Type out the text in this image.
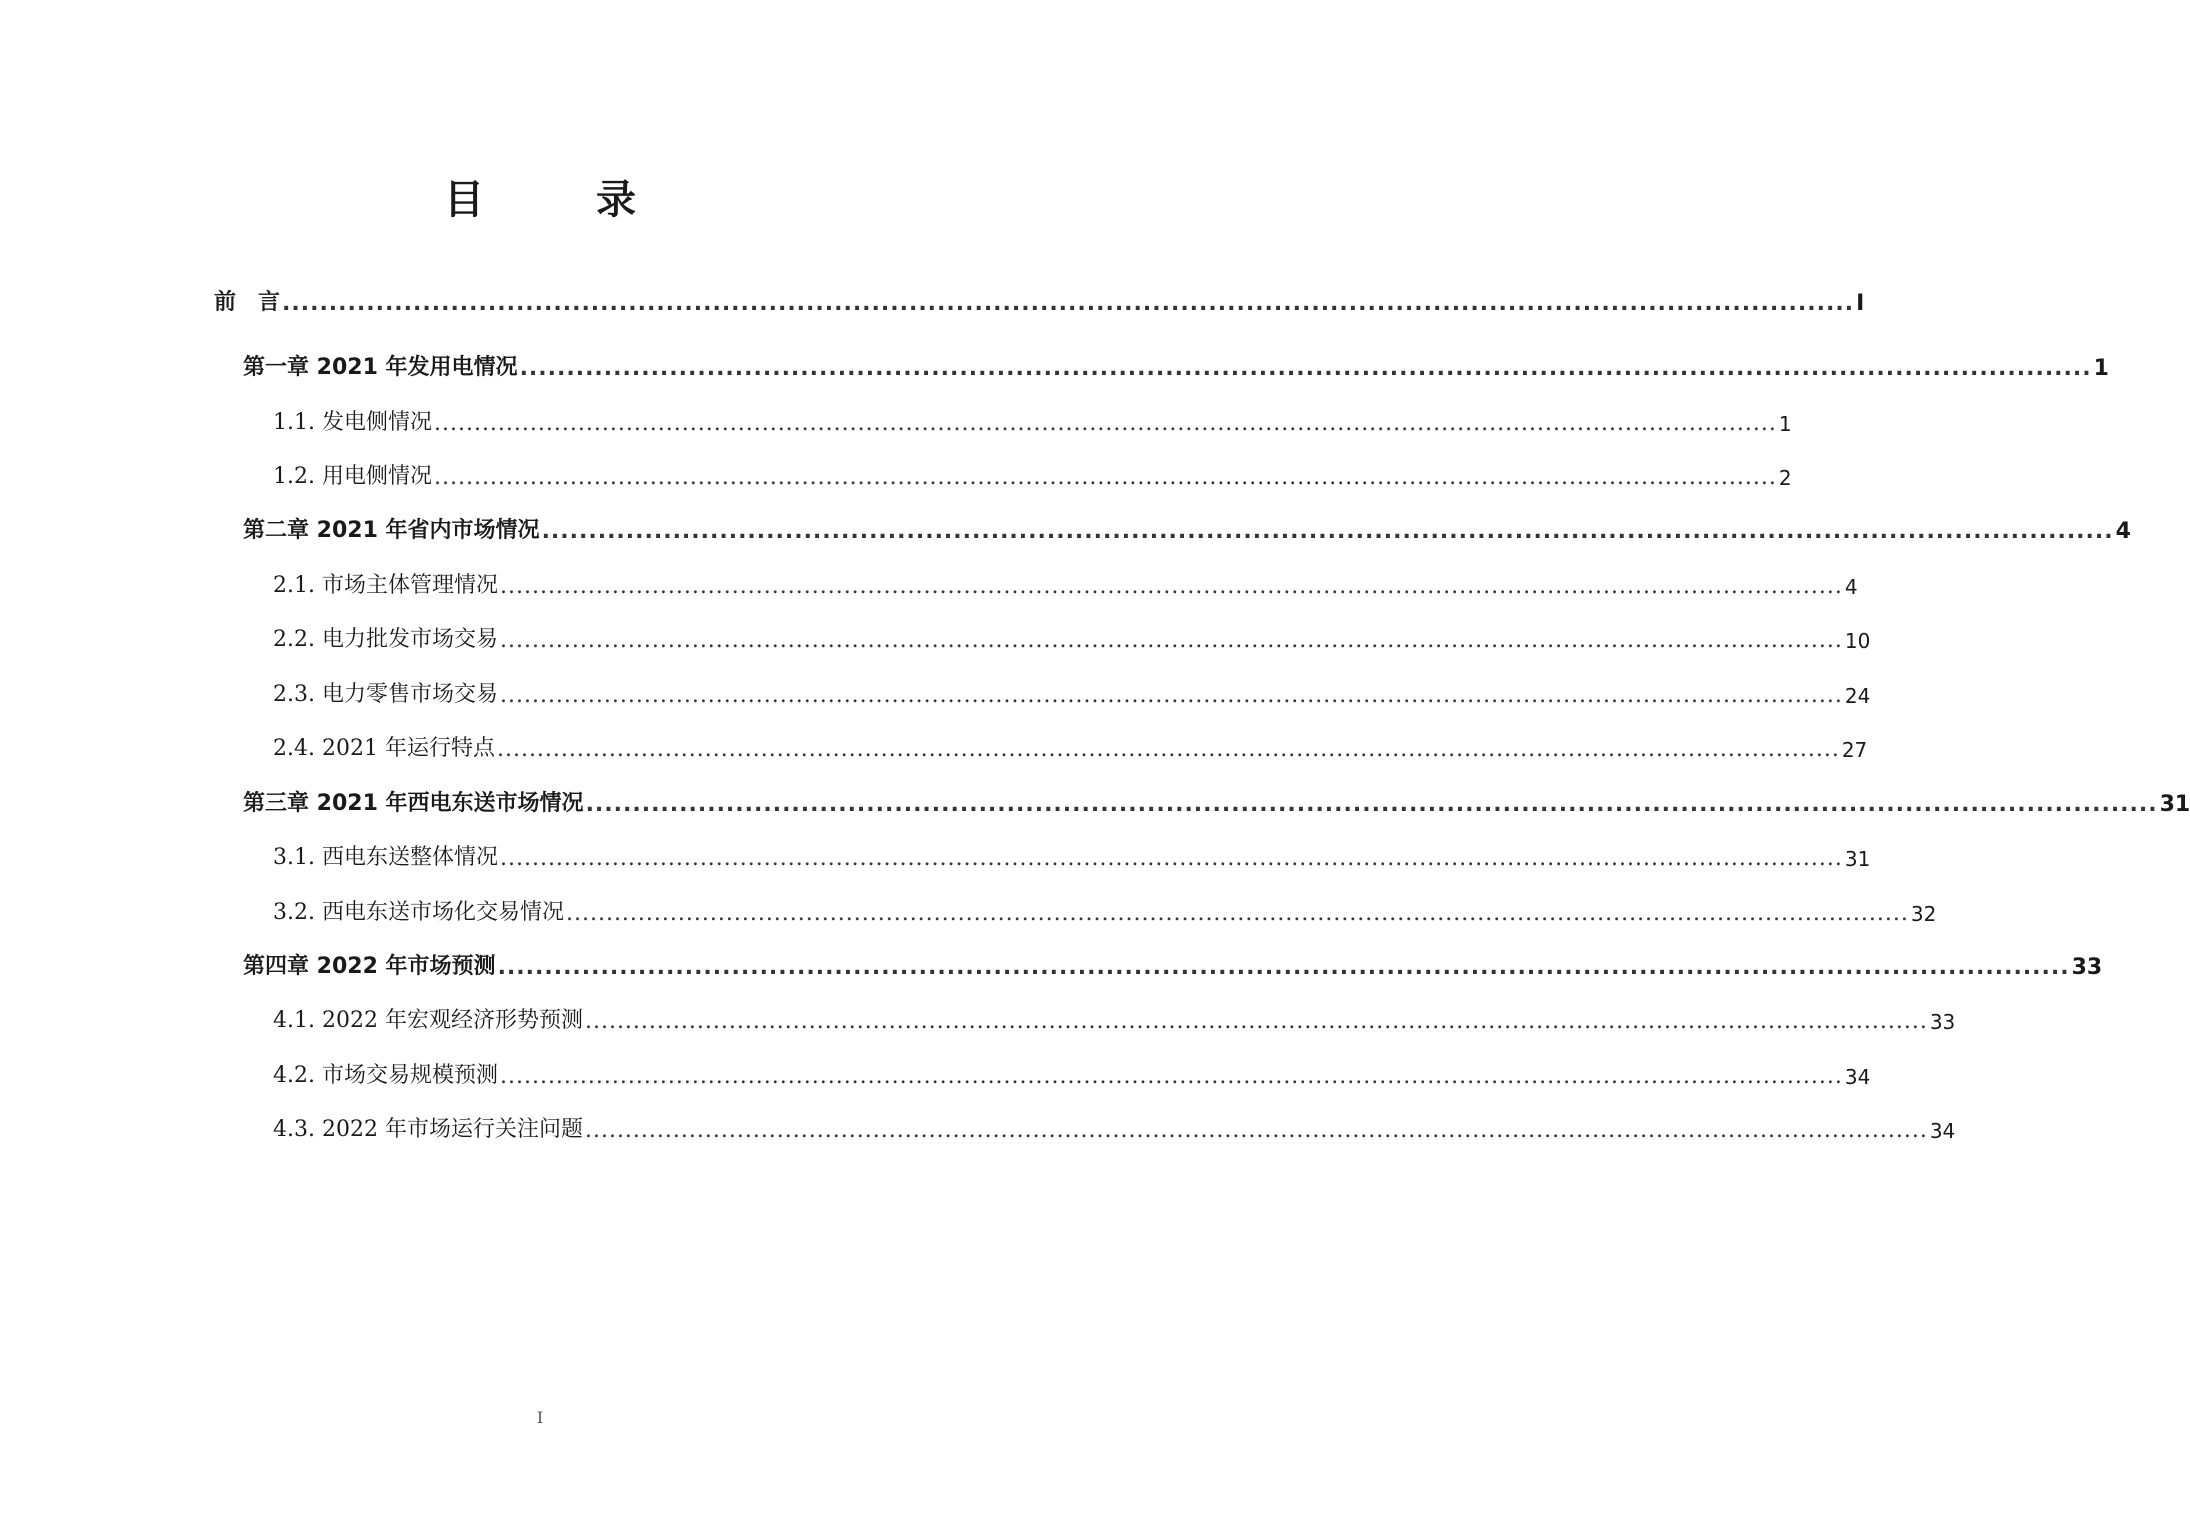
目　录
前　言 ........................................................................................................................................................................ I
第一章 2021 年发用电情况 ........................................................................................................................................................................ 1
1.1. 发电侧情况 ........................................................................................................................................................................ 1
1.2. 用电侧情况 ........................................................................................................................................................................ 2
第二章 2021 年省内市场情况 ........................................................................................................................................................................ 4
2.1. 市场主体管理情况 ........................................................................................................................................................................ 4
2.2. 电力批发市场交易 ........................................................................................................................................................................ 10
2.3. 电力零售市场交易 ........................................................................................................................................................................ 24
2.4. 2021 年运行特点 ........................................................................................................................................................................ 27
第三章 2021 年西电东送市场情况 ........................................................................................................................................................................ 31
3.1. 西电东送整体情况 ........................................................................................................................................................................ 31
3.2. 西电东送市场化交易情况 ........................................................................................................................................................................ 32
第四章 2022 年市场预测 ........................................................................................................................................................................ 33
4.1. 2022 年宏观经济形势预测 ........................................................................................................................................................................ 33
4.2. 市场交易规模预测 ........................................................................................................................................................................ 34
4.3. 2022 年市场运行关注问题 ........................................................................................................................................................................ 34
I
